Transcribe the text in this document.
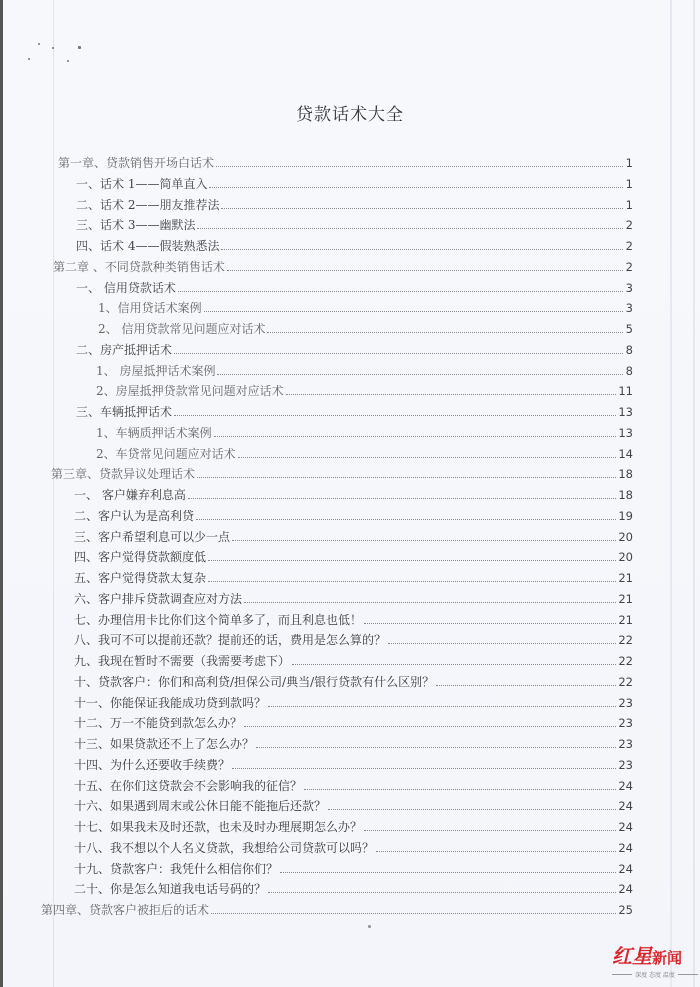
贷款话术大全
第一章、贷款销售开场白话术	1
一、话术 1——简单直入	1
二、话术 2——朋友推荐法	1
三、话术 3——幽默法	2
四、话术 4——假装熟悉法	2
第二章 、不同贷款种类销售话术	2
一、 信用贷款话术	3
1、信用贷话术案例	3
2、 信用贷款常见问题应对话术	5
二、房产抵押话术	8
1、 房屋抵押话术案例	8
2、房屋抵押贷款常见问题对应话术	11
三、车辆抵押话术	13
1、车辆质押话术案例	13
2、车贷常见问题应对话术	14
第三章、贷款异议处理话术	18
一、 客户嫌弃利息高	18
二、客户认为是高利贷	19
三、客户希望利息可以少一点	20
四、客户觉得贷款额度低	20
五、客户觉得贷款太复杂	21
六、客户排斥贷款调查应对方法	21
七、办理信用卡比你们这个简单多了，而且利息也低！	21
八、我可不可以提前还款？提前还的话，费用是怎么算的？	22
九、我现在暂时不需要（我需要考虑下）	22
十、贷款客户：你们和高利贷/担保公司/典当/银行贷款有什么区别？	22
十一、你能保证我能成功贷到款吗？	23
十二、万一不能贷到款怎么办？	23
十三、如果贷款还不上了怎么办？	23
十四、为什么还要收手续费？	23
十五、在你们这贷款会不会影响我的征信？	24
十六、如果遇到周末或公休日能不能拖后还款？	24
十七、如果我未及时还款，也未及时办理展期怎么办？	24
十八、我不想以个人名义贷款，我想给公司贷款可以吗？	24
十九、贷款客户：我凭什么相信你们？	24
二十、你是怎么知道我电话号码的？	24
第四章、贷款客户被拒后的话术	25
红星新闻
深度 态度 温度
